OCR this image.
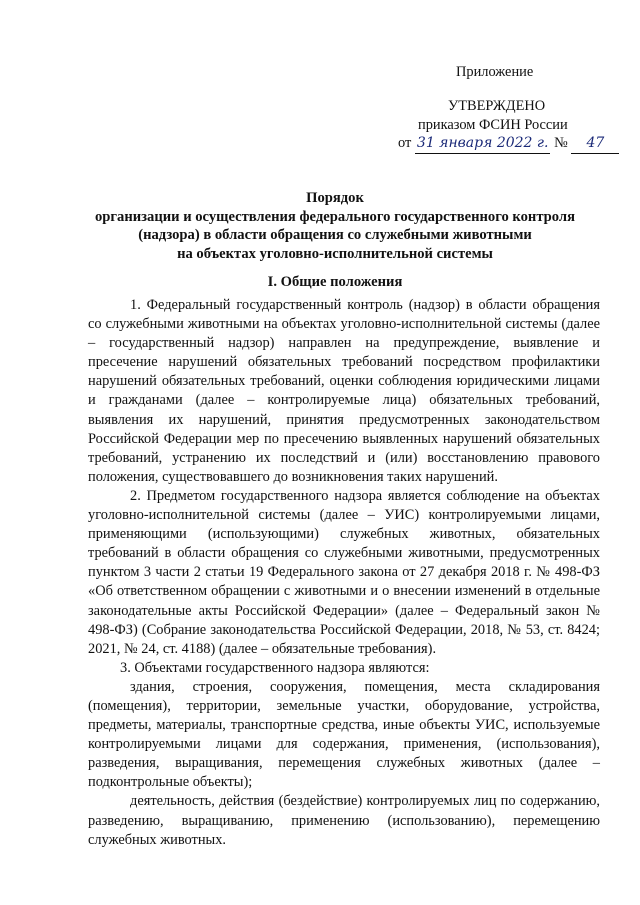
Приложение
УТВЕРЖДЕНО
приказом ФСИН России
от 31 января 2022 г. № 47
Порядок
организации и осуществления федерального государственного контроля
(надзора) в области обращения со служебными животными
на объектах уголовно-исполнительной системы
I. Общие положения

1. Федеральный государственный контроль (надзор) в области обращения со служебными животными на объектах уголовно-исполнительной системы (далее – государственный надзор) направлен на предупреждение, выявление и пресечение нарушений обязательных требований посредством профилактики нарушений обязательных требований, оценки соблюдения юридическими лицами и гражданами (далее – контролируемые лица) обязательных требований, выявления их нарушений, принятия предусмотренных законодательством Российской Федерации мер по пресечению выявленных нарушений обязательных требований, устранению их последствий и (или) восстановлению правового положения, существовавшего до возникновения таких нарушений.

2. Предметом государственного надзора является соблюдение на объектах уголовно-исполнительной системы (далее – УИС) контролируемыми лицами, применяющими (использующими) служебных животных, обязательных требований в области обращения со служебными животными, предусмотренных пунктом 3 части 2 статьи 19 Федерального закона от 27 декабря 2018 г. № 498-ФЗ «Об ответственном обращении с животными и о внесении изменений в отдельные законодательные акты Российской Федерации» (далее – Федеральный закон № 498-ФЗ) (Собрание законодательства Российской Федерации, 2018, № 53, ст. 8424; 2021, № 24, ст. 4188) (далее – обязательные требования).

3. Объектами государственного надзора являются:

здания, строения, сооружения, помещения, места складирования (помещения), территории, земельные участки, оборудование, устройства, предметы, материалы, транспортные средства, иные объекты УИС, используемые контролируемыми лицами для содержания, применения, (использования), разведения, выращивания, перемещения служебных животных (далее – подконтрольные объекты);

деятельность, действия (бездействие) контролируемых лиц по содержанию, разведению, выращиванию, применению (использованию), перемещению служебных животных.
